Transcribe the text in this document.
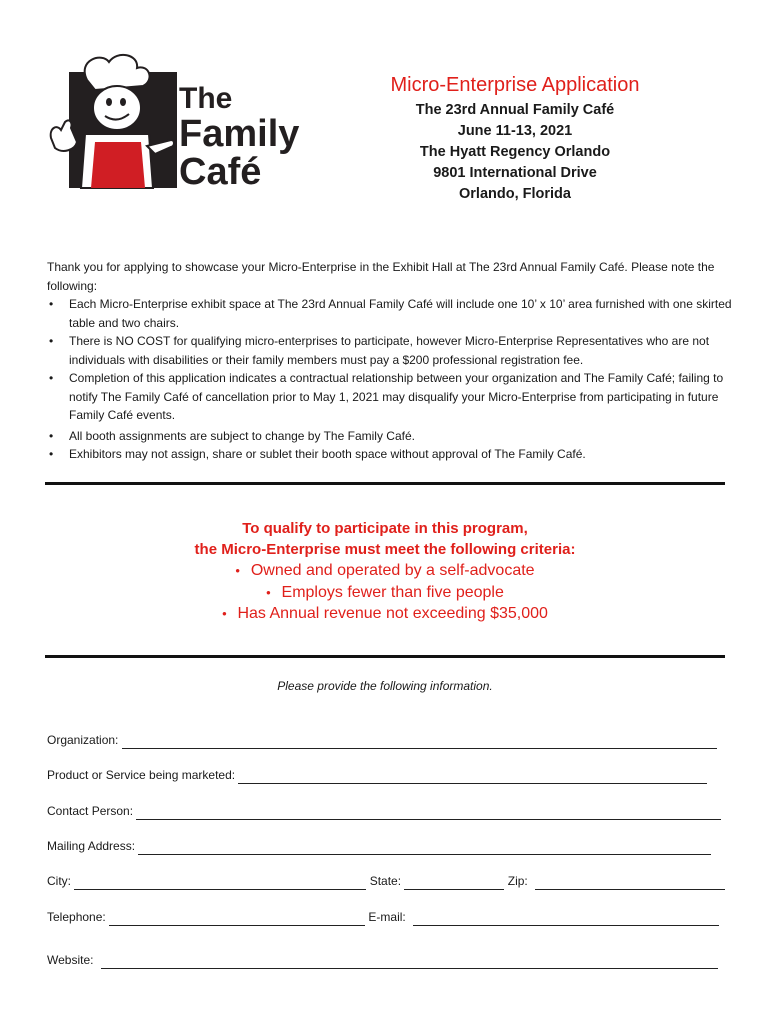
The
Family
Café
Micro-Enterprise Application
The 23rd Annual Family Café
June 11-13, 2021
The Hyatt Regency Orlando
9801 International Drive
Orlando, Florida

Thank you for applying to showcase your Micro-Enterprise in the Exhibit Hall at The 23rd Annual Family Café. Please note the following:

• Each Micro-Enterprise exhibit space at The 23rd Annual Family Café will include one 10’ x 10’ area furnished with one skirted table and two chairs.
• There is NO COST for qualifying micro-enterprises to participate, however Micro-Enterprise Representatives who are not individuals with disabilities or their family members must pay a $200 professional registration fee.
• Completion of this application indicates a contractual relationship between your organization and The Family Café; failing to notify The Family Café of cancellation prior to May 1, 2021 may disqualify your Micro-Enterprise from participating in future Family Café events.
• All booth assignments are subject to change by The Family Café.
• Exhibitors may not assign, share or sublet their booth space without approval of The Family Café.
To qualify to participate in this program,
the Micro-Enterprise must meet the following criteria:
•   Owned and operated by a self-advocate
•   Employs fewer than five people
•   Has Annual revenue not exceeding $35,000
Please provide the following information.
Organization:
Product or Service being marketed:
Contact Person:
Mailing Address:
City:	State:	Zip:
Telephone:	E-mail:
Website:
